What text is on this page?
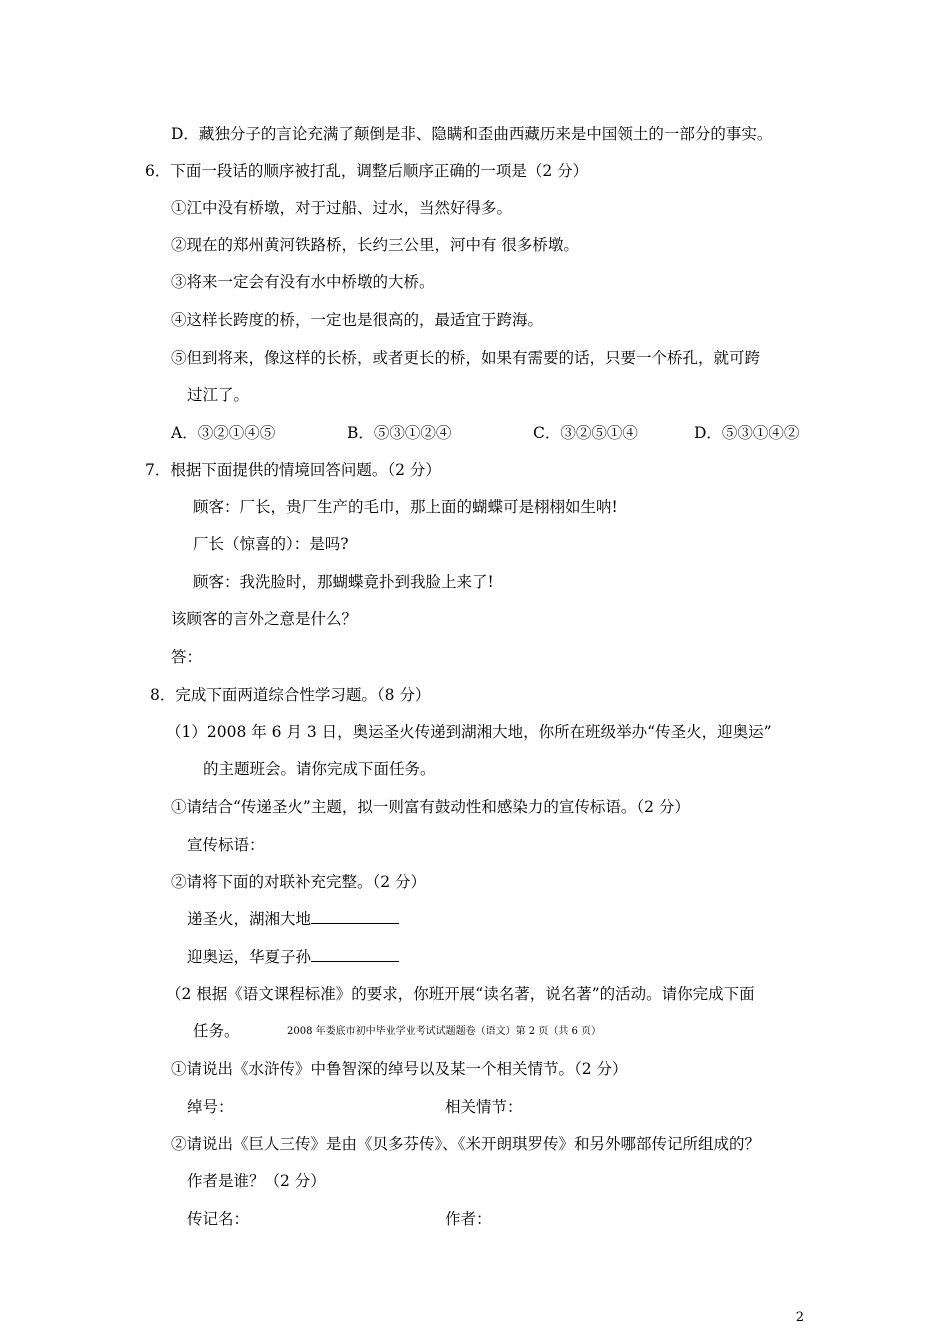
D．藏独分子的言论充满了颠倒是非、隐瞒和歪曲西藏历来是中国领土的一部分的事实。
6．下面一段话的顺序被打乱，调整后顺序正确的一项是（2 分）
①江中没有桥墩，对于过船、过水，当然好得多。
②现在的郑州黄河铁路桥，长约三公里，河中有 很多桥墩。
③将来一定会有没有水中桥墩的大桥。
④这样长跨度的桥，一定也是很高的，最适宜于跨海。
⑤但到将来，像这样的长桥，或者更长的桥，如果有需要的话，只要一个桥孔，就可跨
过江了。
A．③②①④⑤	B．⑤③①②④	C．③②⑤①④	D．⑤③①④②
7．根据下面提供的情境回答问题。（2 分）
顾客：厂长，贵厂生产的毛巾，那上面的蝴蝶可是栩栩如生呐!
厂长（惊喜的）：是吗?
顾客：我洗脸时，那蝴蝶竟扑到我脸上来了!
该顾客的言外之意是什么？
答：
8．完成下面两道综合性学习题。（8 分）
（1）2008 年 6 月 3 日，奥运圣火传递到湖湘大地，你所在班级举办“传圣火，迎奥运”
的主题班会。请你完成下面任务。
①请结合“传递圣火”主题，拟一则富有鼓动性和感染力的宣传标语。（2 分）
宣传标语：
②请将下面的对联补充完整。（2 分）
递圣火，湖湘大地
迎奥运，华夏子孙
（2 根据《语文课程标准》的要求，你班开展“读名著，说名著”的活动。请你完成下面
任务。	2008 年娄底市初中毕业学业考试试题题卷（语文）第 2 页（共 6 页）
①请说出《水浒传》中鲁智深的绰号以及某一个相关情节。（2 分）
绰号：	相关情节：
②请说出《巨人三传》是由《贝多芬传》、《米开朗琪罗传》和另外哪部传记所组成的？
作者是谁？（2 分）
传记名：	作者：
2
